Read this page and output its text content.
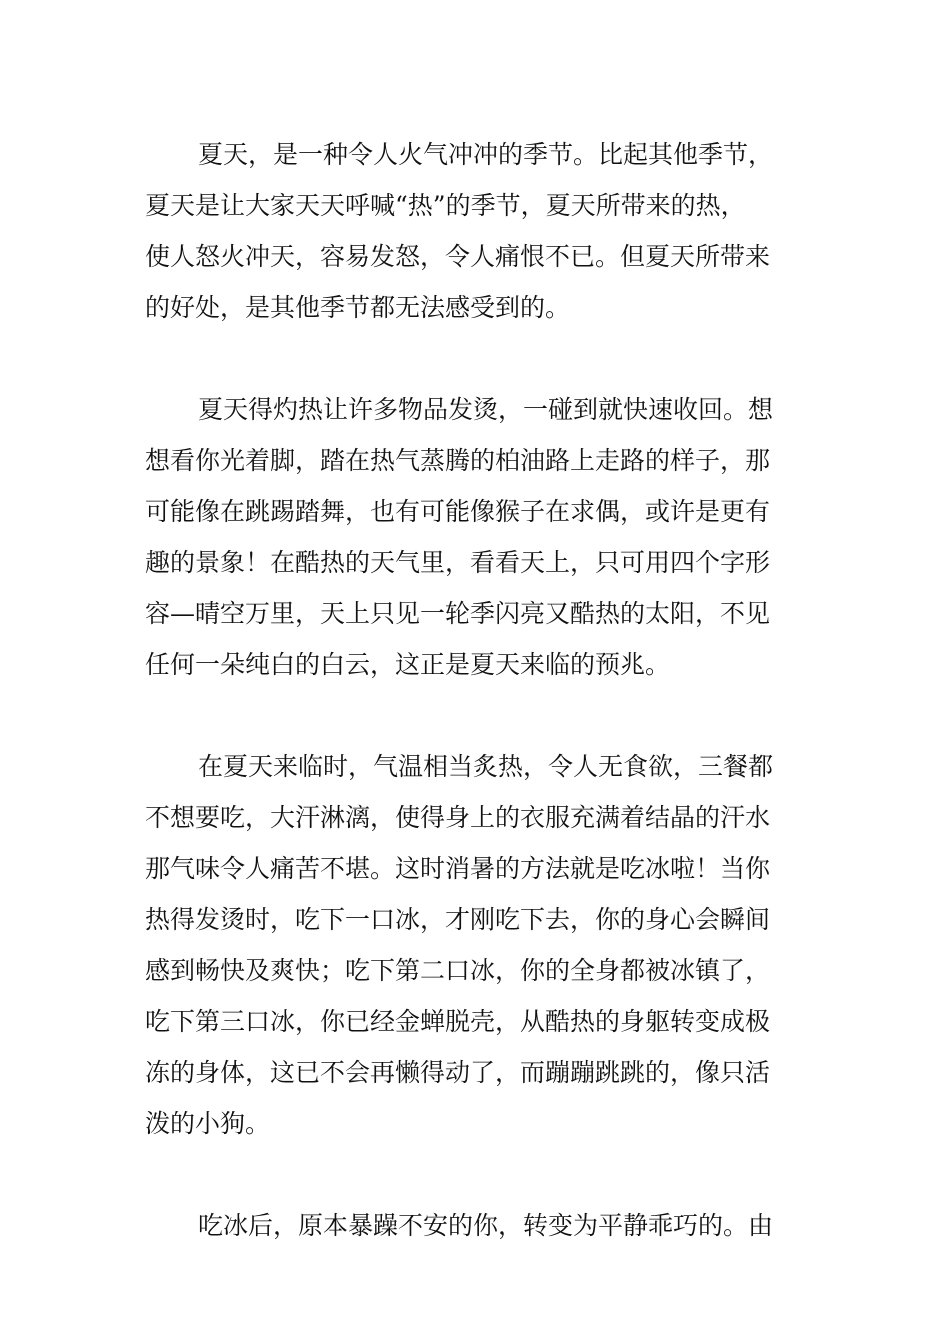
夏天，是一种令人火气冲冲的季节。比起其他季节，
夏天是让大家天天呼喊“热”的季节，夏天所带来的热，
使人怒火冲天，容易发怒，令人痛恨不已。但夏天所带来
的好处，是其他季节都无法感受到的。

夏天得灼热让许多物品发烫，一碰到就快速收回。想
想看你光着脚，踏在热气蒸腾的柏油路上走路的样子，那
可能像在跳踢踏舞，也有可能像猴子在求偶，或许是更有
趣的景象！在酷热的天气里，看看天上，只可用四个字形
容—晴空万里，天上只见一轮季闪亮又酷热的太阳，不见
任何一朵纯白的白云，这正是夏天来临的预兆。

在夏天来临时，气温相当炙热，令人无食欲，三餐都
不想要吃，大汗淋漓，使得身上的衣服充满着结晶的汗水
那气味令人痛苦不堪。这时消暑的方法就是吃冰啦！当你
热得发烫时，吃下一口冰，才刚吃下去，你的身心会瞬间
感到畅快及爽快；吃下第二口冰，你的全身都被冰镇了，
吃下第三口冰，你已经金蝉脱壳，从酷热的身躯转变成极
冻的身体，这已不会再懒得动了，而蹦蹦跳跳的，像只活
泼的小狗。

吃冰后，原本暴躁不安的你，转变为平静乖巧的。由
